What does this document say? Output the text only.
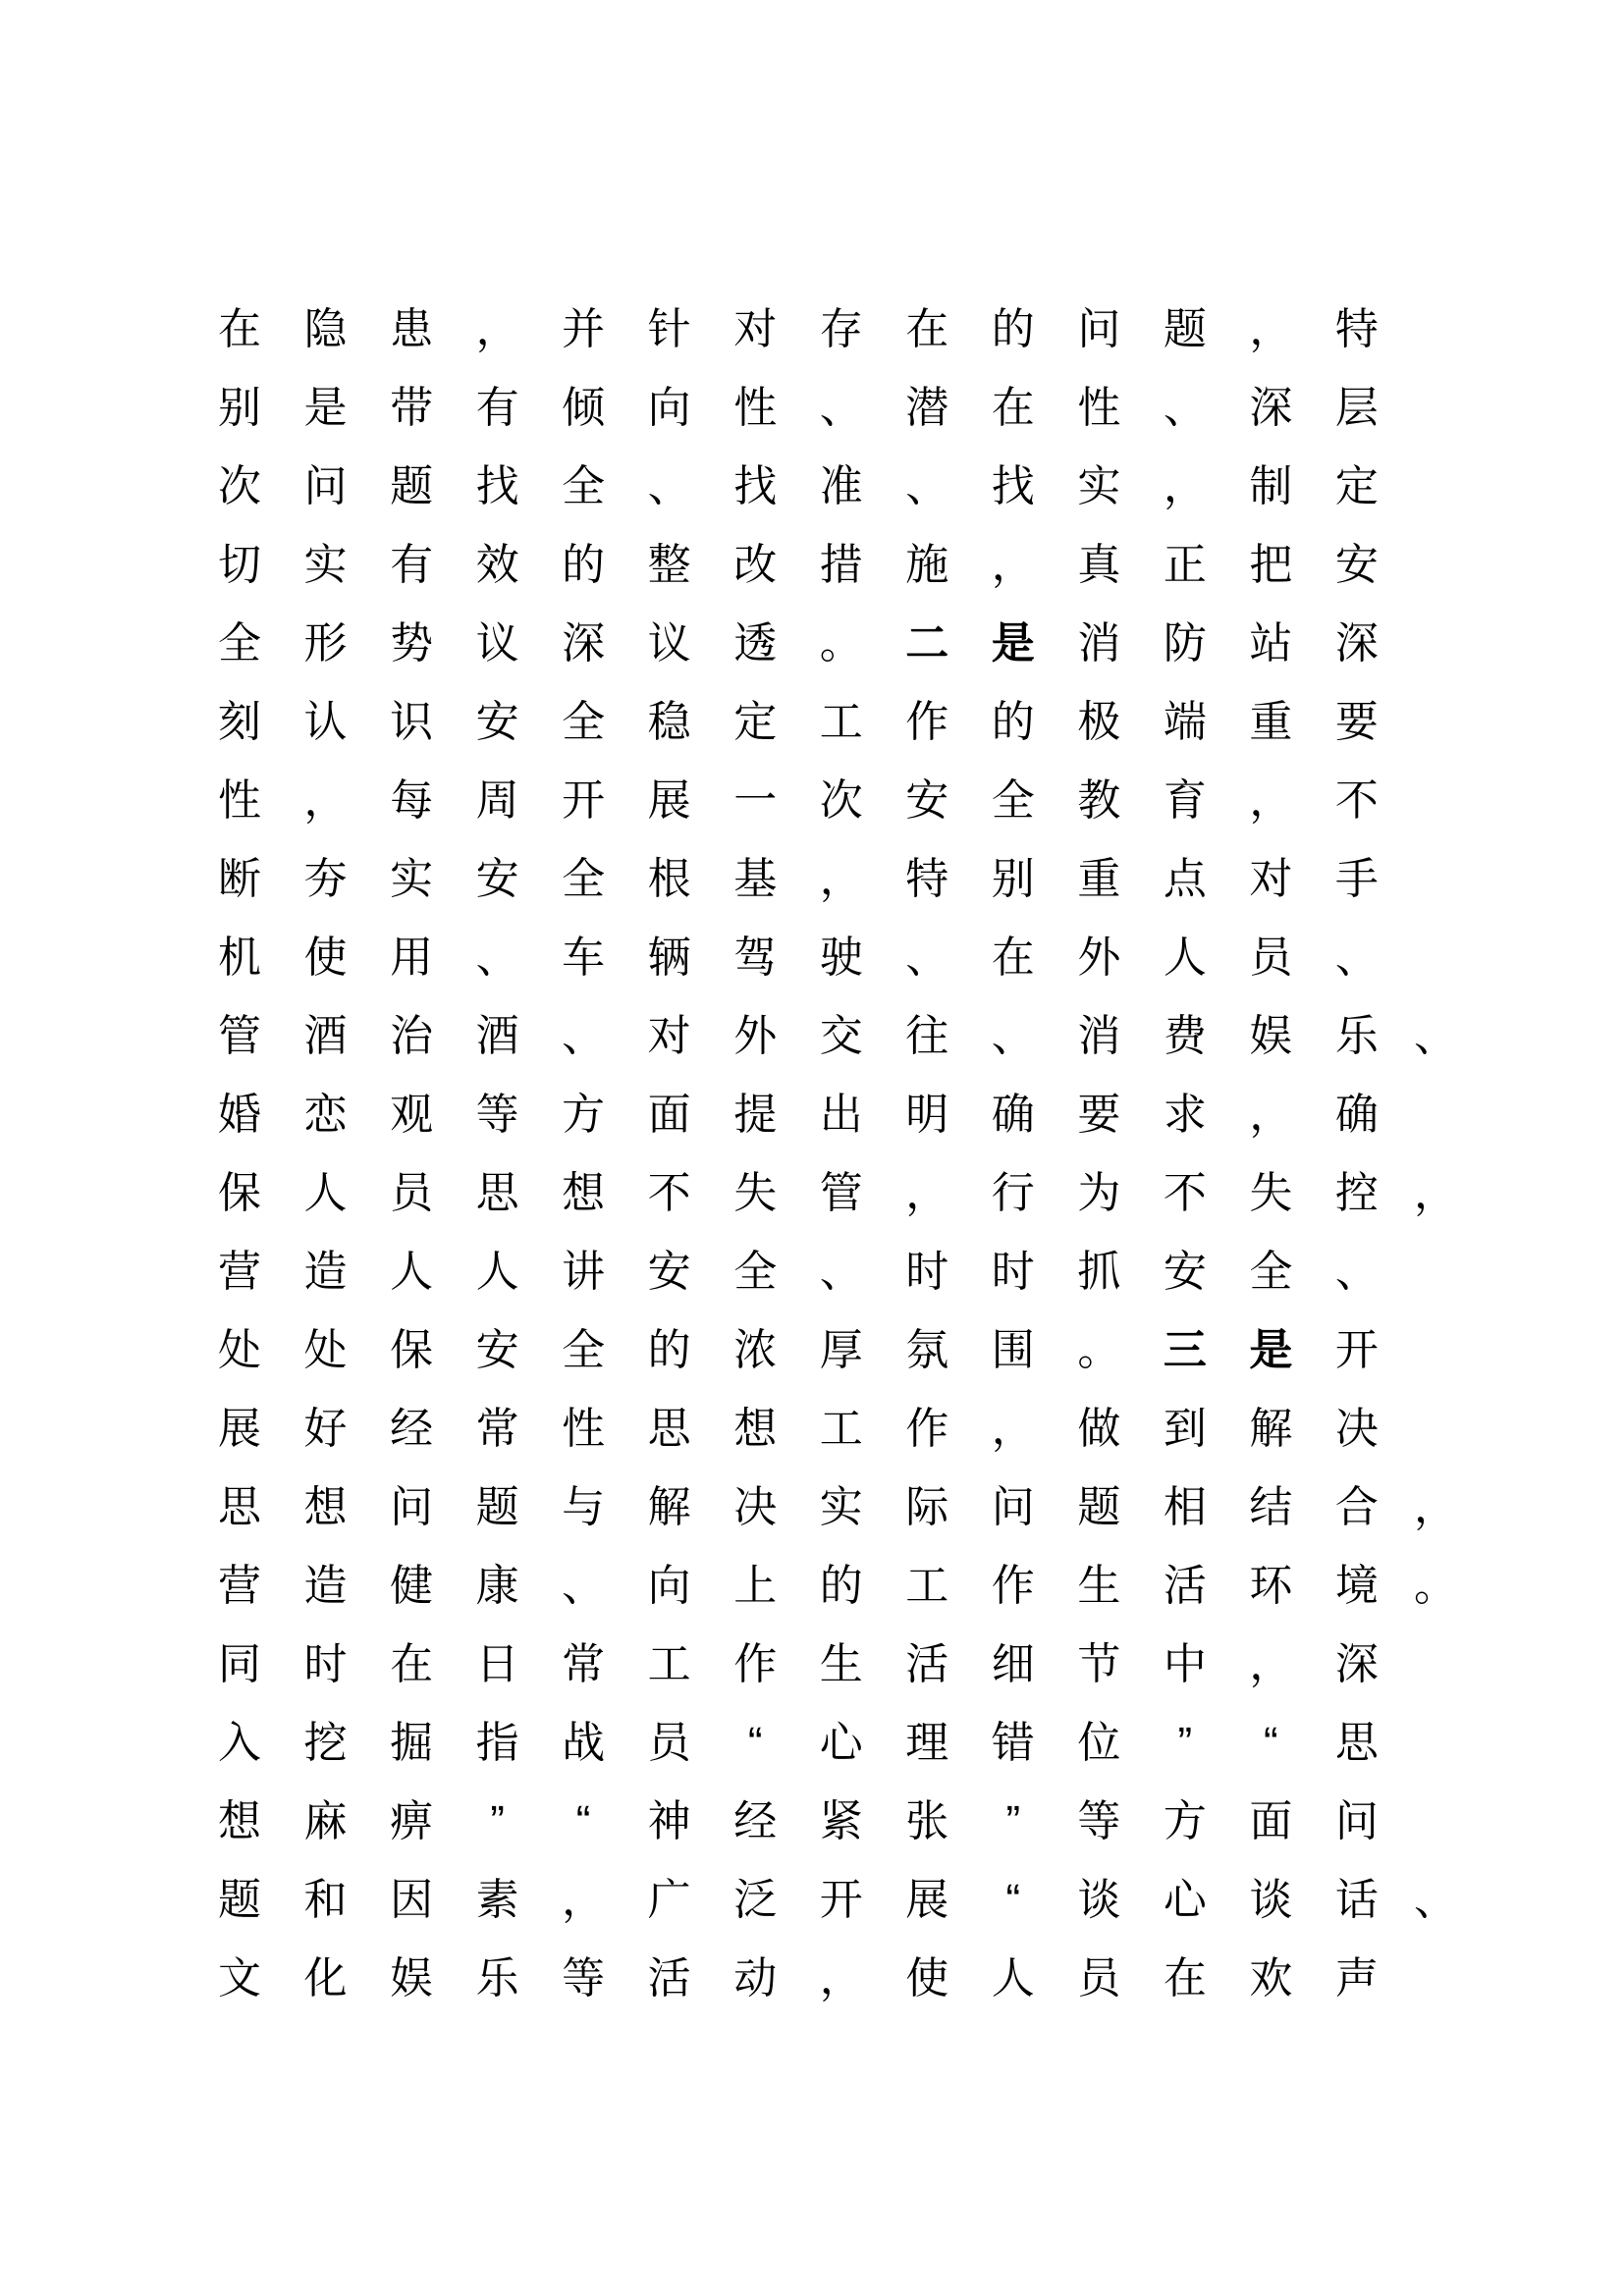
在 隐 患 ， 并 针 对 存 在 的 问 题 ， 特
别 是 带 有 倾 向 性 、 潜 在 性 、 深 层
次 问 题 找 全 、 找 准 、 找 实 ， 制 定
切 实 有 效 的 整 改 措 施 ， 真 正 把 安
全 形 势 议 深 议 透 。 二 是 消 防 站 深
刻 认 识 安 全 稳 定 工 作 的 极 端 重 要
性 ， 每 周 开 展 一 次 安 全 教 育 ， 不
断 夯 实 安 全 根 基 ， 特 别 重 点 对 手
机 使 用 、 车 辆 驾 驶 、 在 外 人 员 、
管 酒 治 酒 、 对 外 交 往 、 消 费 娱 乐 、
婚 恋 观 等 方 面 提 出 明 确 要 求 ， 确
保 人 员 思 想 不 失 管 ， 行 为 不 失 控 ，
营 造 人 人 讲 安 全 、 时 时 抓 安 全 、
处 处 保 安 全 的 浓 厚 氛 围 。 三 是 开
展 好 经 常 性 思 想 工 作 ， 做 到 解 决
思 想 问 题 与 解 决 实 际 问 题 相 结 合 ，
营 造 健 康 、 向 上 的 工 作 生 活 环 境 。
同 时 在 日 常 工 作 生 活 细 节 中 ， 深
入 挖 掘 指 战 员	“	心 理 错 位	”	“	思
想 麻 痹	”	“	神 经 紧 张	”	等 方 面 问
题 和 因 素 ， 广 泛 开 展	“	谈 心 谈 话 、
文 化 娱 乐 等 活 动 ， 使 人 员 在 欢 声
